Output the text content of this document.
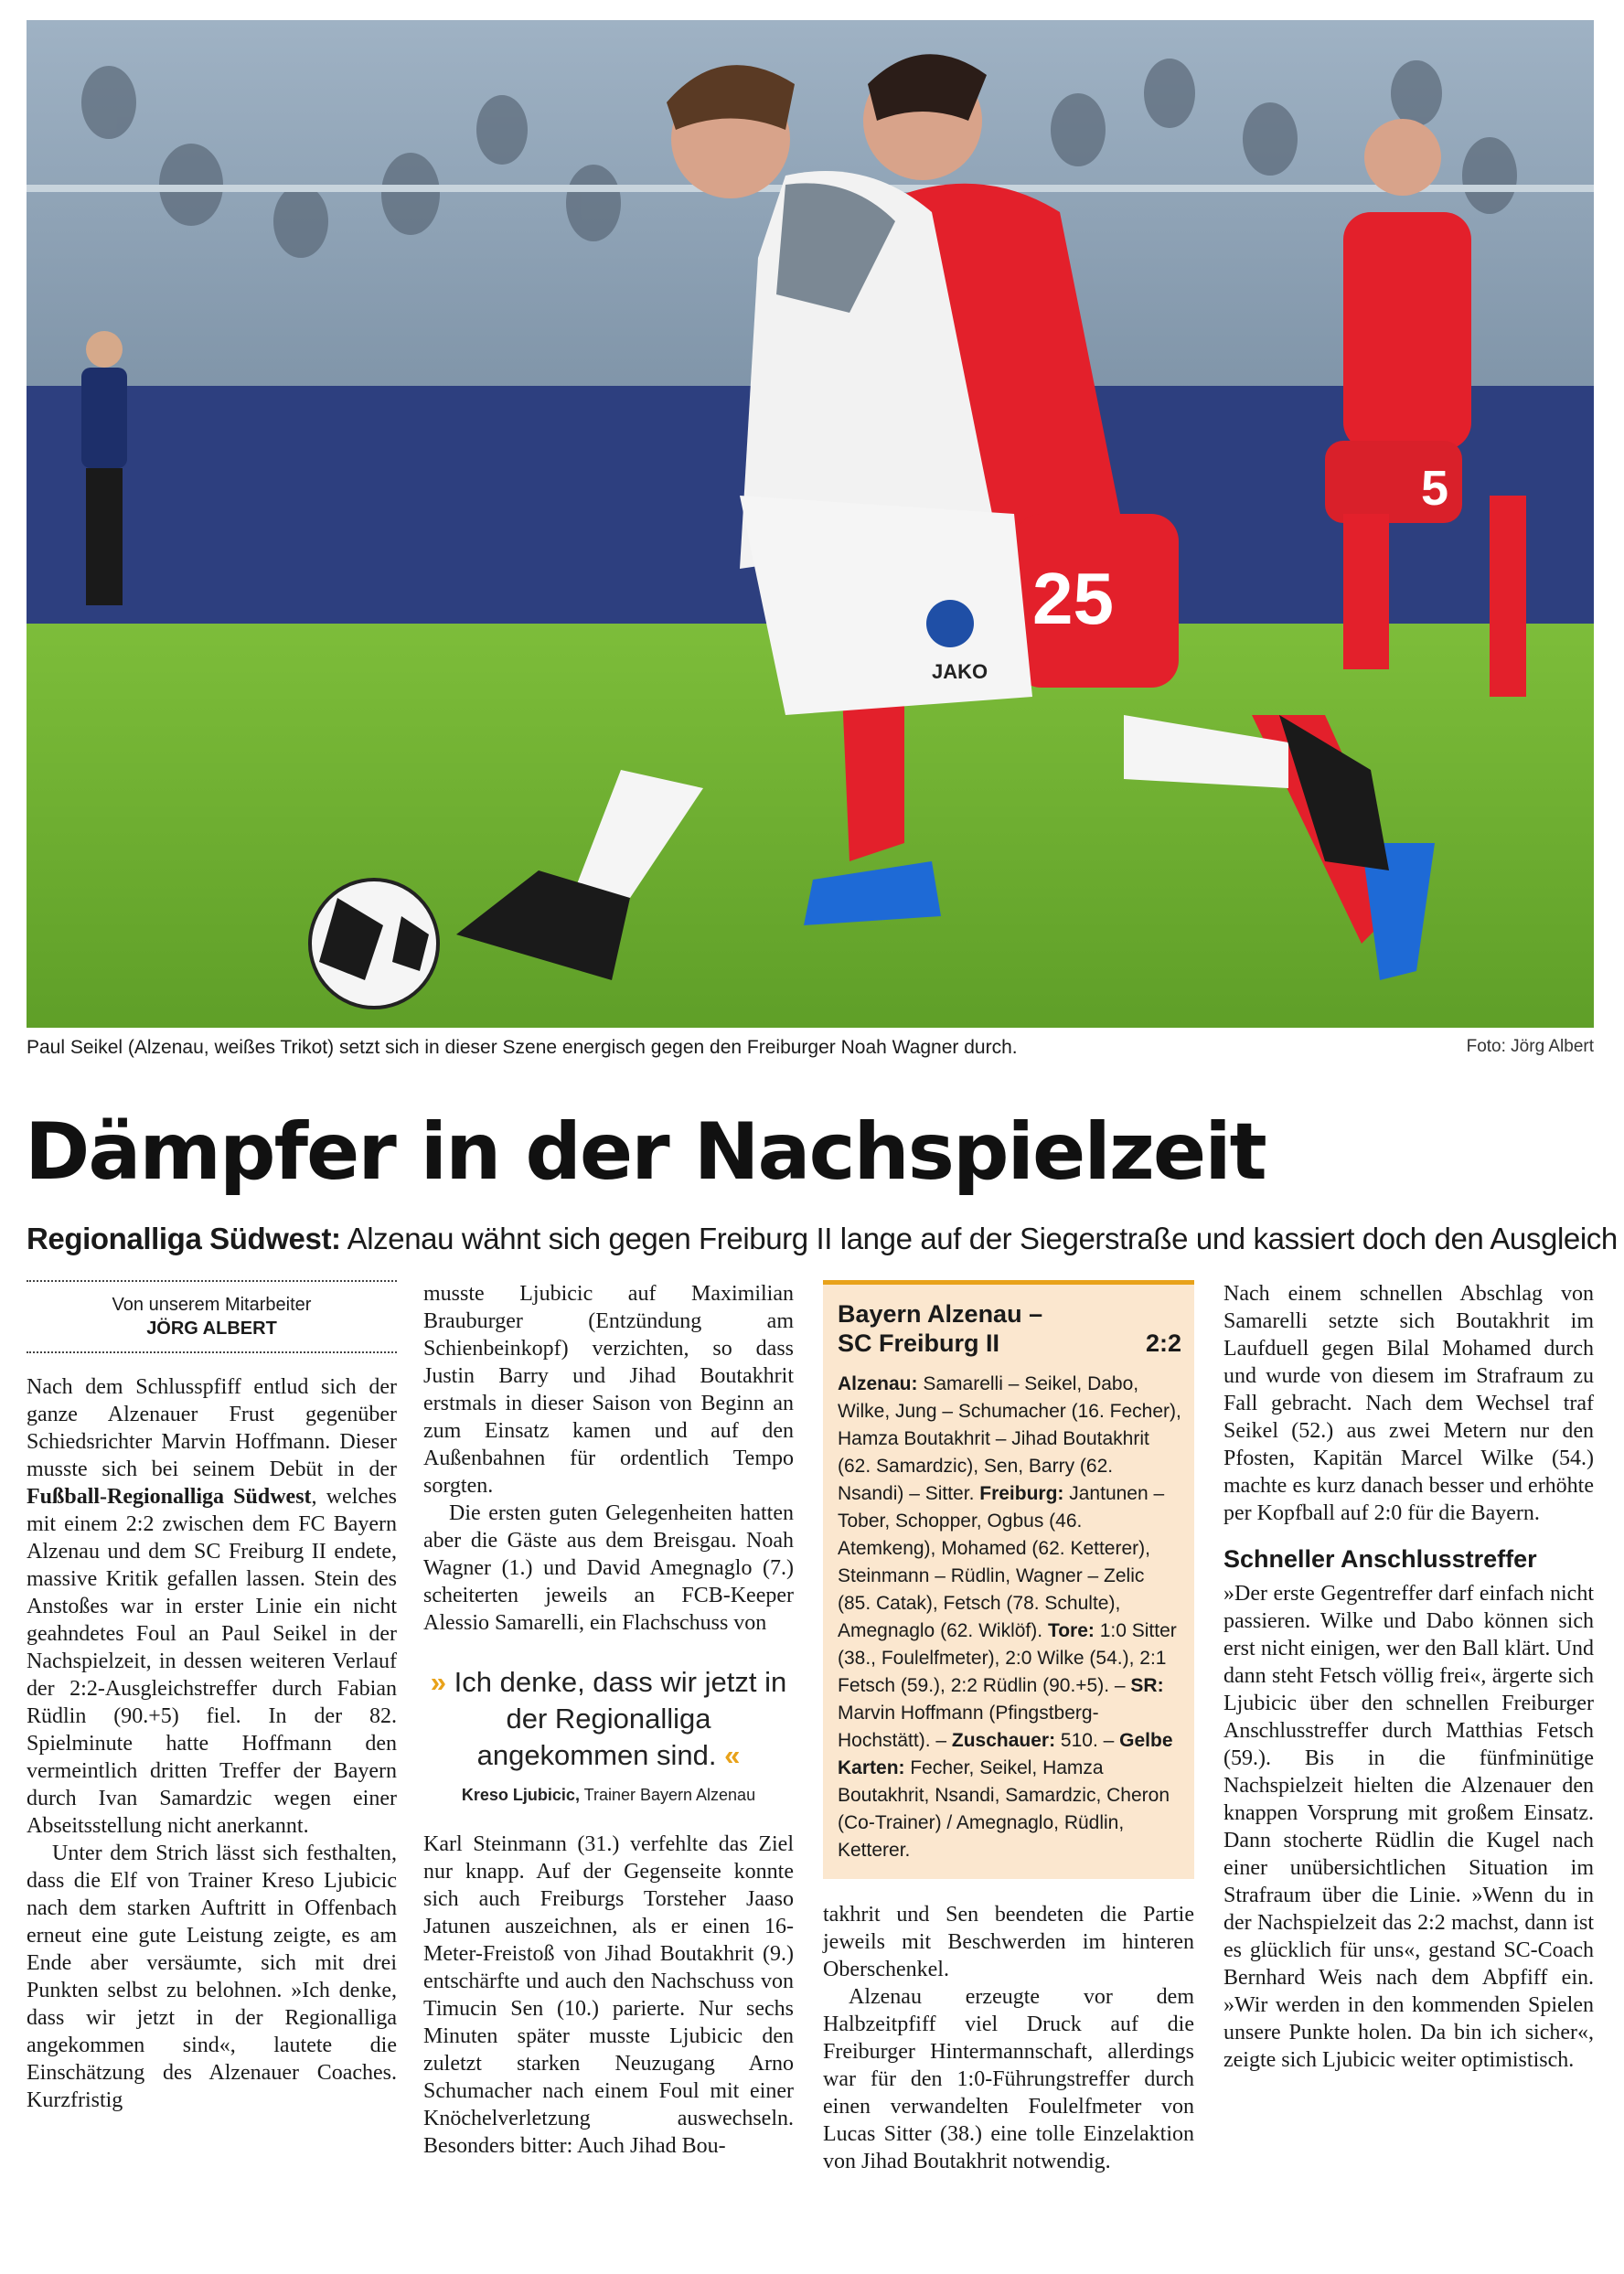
5
25
JAKO
Paul Seikel (Alzenau, weißes Trikot) setzt sich in dieser Szene energisch gegen den Freiburger Noah Wagner durch.	Foto: Jörg Albert
Dämpfer in der Nachspielzeit
Regionalliga Südwest: Alzenau wähnt sich gegen Freiburg II lange auf der Siegerstraße und kassiert doch den Ausgleich
Von unserem Mitarbeiter
JÖRG ALBERT

Nach dem Schlusspfiff entlud sich der ganze Alzenauer Frust gegenüber Schiedsrichter Marvin Hoffmann. Dieser musste sich bei seinem Debüt in der Fußball-Regionalliga Südwest, welches mit einem 2:2 zwischen dem FC Bayern Alzenau und dem SC Freiburg II endete, massive Kritik gefallen lassen. Stein des Anstoßes war in erster Linie ein nicht geahndetes Foul an Paul Seikel in der Nachspielzeit, in dessen weiteren Verlauf der 2:2-Ausgleichstreffer durch Fabian Rüdlin (90.+5) fiel. In der 82. Spielminute hatte Hoffmann den vermeintlich dritten Treffer der Bayern durch Ivan Samardzic wegen einer Abseitsstellung nicht anerkannt.

Unter dem Strich lässt sich festhalten, dass die Elf von Trainer Kreso Ljubicic nach dem starken Auftritt in Offenbach erneut eine gute Leistung zeigte, es am Ende aber versäumte, sich mit drei Punkten selbst zu belohnen. »Ich denke, dass wir jetzt in der Regionalliga angekommen sind«, lautete die Einschätzung des Alzenauer Coaches. Kurzfristig

musste Ljubicic auf Maximilian Brauburger (Entzündung am Schienbeinkopf) verzichten, so dass Justin Barry und Jihad Boutakhrit erstmals in dieser Saison von Beginn an zum Einsatz kamen und auf den Außenbahnen für ordentlich Tempo sorgten.

Die ersten guten Gelegenheiten hatten aber die Gäste aus dem Breisgau. Noah Wagner (1.) und David Amegnaglo (7.) scheiterten jeweils an FCB-Keeper Alessio Samarelli, ein Flachschuss von

» Ich denke, dass wir jetzt in der Regionalliga angekommen sind. «
Kreso Ljubicic, Trainer Bayern Alzenau

Karl Steinmann (31.) verfehlte das Ziel nur knapp. Auf der Gegenseite konnte sich auch Freiburgs Torsteher Jaaso Jatunen auszeichnen, als er einen 16-Meter-Freistoß von Jihad Boutakhrit (9.) entschärfte und auch den Nachschuss von Timucin Sen (10.) parierte. Nur sechs Minuten später musste Ljubicic den zuletzt starken Neuzugang Arno Schumacher nach einem Foul mit einer Knöchelverletzung auswechseln. Besonders bitter: Auch Jihad Bou-

Bayern Alzenau –
SC Freiburg II	2:2
Alzenau: Samarelli – Seikel, Dabo, Wilke, Jung – Schumacher (16. Fecher), Hamza Boutakhrit – Jihad Boutakhrit (62. Samardzic), Sen, Barry (62. Nsandi) – Sitter. Freiburg: Jantunen – Tober, Schopper, Ogbus (46. Atemkeng), Mohamed (62. Ketterer), Steinmann – Rüdlin, Wagner – Zelic (85. Catak), Fetsch (78. Schulte), Amegnaglo (62. Wiklöf). Tore: 1:0 Sitter (38., Foulelfmeter), 2:0 Wilke (54.), 2:1 Fetsch (59.), 2:2 Rüdlin (90.+5). – SR: Marvin Hoffmann (Pfingstberg-Hochstätt). – Zuschauer: 510. – Gelbe Karten: Fecher, Seikel, Hamza Boutakhrit, Nsandi, Samardzic, Cheron (Co-Trainer) / Amegnaglo, Rüdlin, Ketterer.

takhrit und Sen beendeten die Partie jeweils mit Beschwerden im hinteren Oberschenkel.

Alzenau erzeugte vor dem Halbzeitpfiff viel Druck auf die Freiburger Hintermannschaft, allerdings war für den 1:0-Führungstreffer durch einen verwandelten Foulelfmeter von Lucas Sitter (38.) eine tolle Einzelaktion von Jihad Boutakhrit notwendig.

Nach einem schnellen Abschlag von Samarelli setzte sich Boutakhrit im Laufduell gegen Bilal Mohamed durch und wurde von diesem im Strafraum zu Fall gebracht. Nach dem Wechsel traf Seikel (52.) aus zwei Metern nur den Pfosten, Kapitän Marcel Wilke (54.) machte es kurz danach besser und erhöhte per Kopfball auf 2:0 für die Bayern.

Schneller Anschlusstreffer

»Der erste Gegentreffer darf einfach nicht passieren. Wilke und Dabo können sich erst nicht einigen, wer den Ball klärt. Und dann steht Fetsch völlig frei«, ärgerte sich Ljubicic über den schnellen Freiburger Anschlusstreffer durch Matthias Fetsch (59.). Bis in die fünfminütige Nachspielzeit hielten die Alzenauer den knappen Vorsprung mit großem Einsatz. Dann stocherte Rüdlin die Kugel nach einer unübersichtlichen Situation im Strafraum über die Linie. »Wenn du in der Nachspielzeit das 2:2 machst, dann ist es glücklich für uns«, gestand SC-Coach Bernhard Weis nach dem Abpfiff ein. »Wir werden in den kommenden Spielen unsere Punkte holen. Da bin ich sicher«, zeigte sich Ljubicic weiter optimistisch.
